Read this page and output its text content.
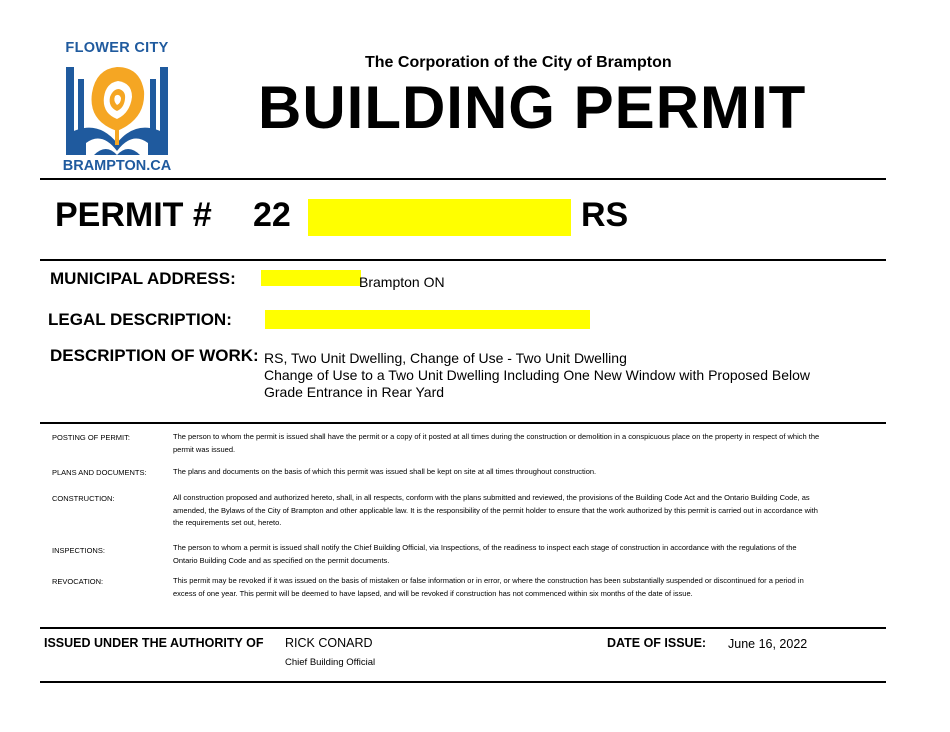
FLOWER CITY
BRAMPTON.CA
The Corporation of the City of Brampton
BUILDING PERMIT
PERMIT # 22	RS
MUNICIPAL ADDRESS:	Brampton ON
LEGAL DESCRIPTION:
DESCRIPTION OF WORK: RS, Two Unit Dwelling, Change of Use - Two Unit Dwelling
Change of Use to a Two Unit Dwelling Including One New Window with Proposed Below
Grade Entrance in Rear Yard
POSTING OF PERMIT:	The person to whom the permit is issued shall have the permit or a copy of it posted at all times during the construction or demolition in a conspicuous place on the property in respect of which the permit was issued.
PLANS AND DOCUMENTS:	The plans and documents on the basis of which this permit was issued shall be kept on site at all times throughout construction.
CONSTRUCTION:	All construction proposed and authorized hereto, shall, in all respects, conform with the plans submitted and reviewed, the provisions of the Building Code Act and the Ontario Building Code, as amended, the Bylaws of the City of Brampton and other applicable law. It is the responsibility of the permit holder to ensure that the work authorized by this permit is carried out in accordance with the requirements set out, hereto.
INSPECTIONS:	The person to whom a permit is issued shall notify the Chief Building Official, via Inspections, of the readiness to inspect each stage of construction in accordance with the regulations of the Ontario Building Code and as specified on the permit documents.
REVOCATION:	This permit may be revoked if it was issued on the basis of mistaken or false information or in error, or where the construction has been substantially suspended or discontinued for a period in excess of one year. This permit will be deemed to have lapsed, and will be revoked if construction has not commenced within six months of the date of issue.
ISSUED UNDER THE AUTHORITY OF RICK CONARD
Chief Building Official
DATE OF ISSUE: June 16, 2022
